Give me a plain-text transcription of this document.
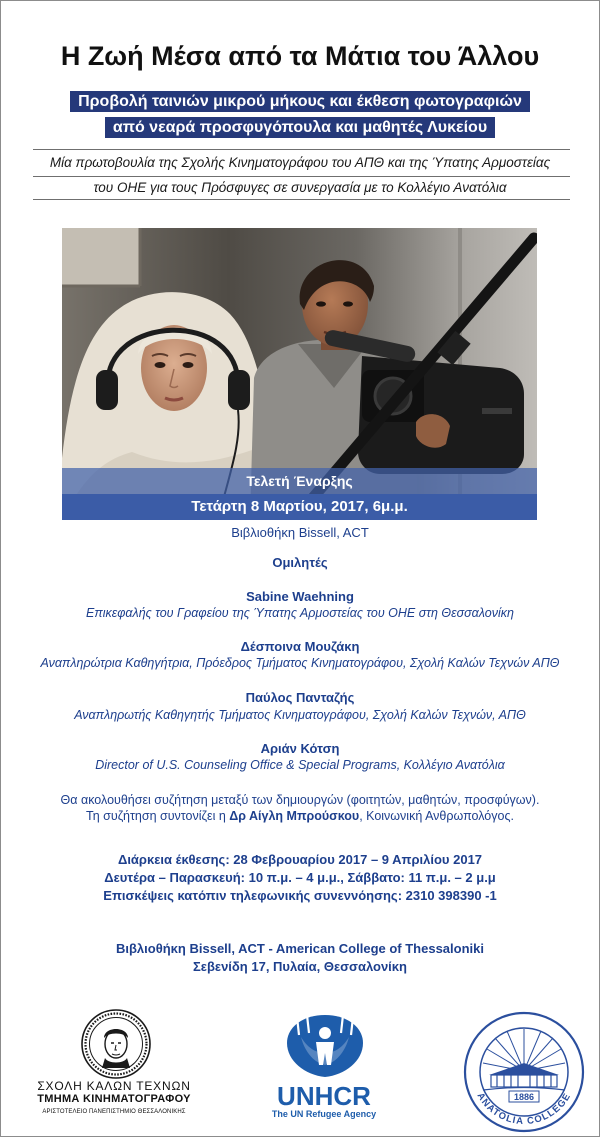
Η Ζωή Μέσα από τα Μάτια του Άλλου
Προβολή ταινιών μικρού μήκους και έκθεση φωτογραφιών
από νεαρά προσφυγόπουλα και μαθητές Λυκείου
Μία πρωτοβουλία της Σχολής Κινηματογράφου του ΑΠΘ και της Ύπατης Αρμοστείας
του ΟΗΕ για τους Πρόσφυγες σε συνεργασία με το Κολλέγιο Ανατόλια
Τελετή Έναρξης
Τετάρτη 8 Μαρτίου, 2017, 6μ.μ.
Βιβλιοθήκη Bissell, ACT
Ομιλητές
Sabine Waehning
Επικεφαλής του Γραφείου της Ύπατης Αρμοστείας του ΟΗΕ στη Θεσσαλονίκη
Δέσποινα Μουζάκη
Αναπληρώτρια Καθηγήτρια, Πρόεδρος Τμήματος Κινηματογράφου, Σχολή Καλών Τεχνών ΑΠΘ
Παύλος Πανταζής
Αναπληρωτής Καθηγητής Τμήματος Κινηματογράφου, Σχολή Καλών Τεχνών, ΑΠΘ
Αριάν Κότση
Director of U.S. Counseling Office & Special Programs, Κολλέγιο Ανατόλια
Θα ακολουθήσει συζήτηση μεταξύ των δημιουργών (φοιτητών, μαθητών, προσφύγων).
Τη συζήτηση συντονίζει η Δρ Αίγλη Μπρούσκου, Κοινωνική Ανθρωπολόγος.
Διάρκεια έκθεσης: 28 Φεβρουαρίου 2017 – 9 Απριλίου 2017
Δευτέρα – Παρασκευή: 10 π.μ. – 4 μ.μ., Σάββατο: 11 π.μ. – 2 μ.μ
Επισκέψεις κατόπιν τηλεφωνικής συνεννόησης: 2310 398390 -1
Βιβλιοθήκη Bissell, ACT - American College of Thessaloniki
Σεβενίδη 17, Πυλαία, Θεσσαλονίκη
ΣΧΟΛΗ ΚΑΛΩΝ ΤΕΧΝΩΝ
ΤΜΗΜΑ ΚΙΝΗΜΑΤΟΓΡΑΦΟΥ
ΑΡΙΣΤΟΤΕΛΕΙΟ ΠΑΝΕΠΙΣΤΗΜΙΟ ΘΕΣΣΑΛΟΝΙΚΗΣ
UNHCR
The UN Refugee Agency
1886
ANATOLIA COLLEGE
